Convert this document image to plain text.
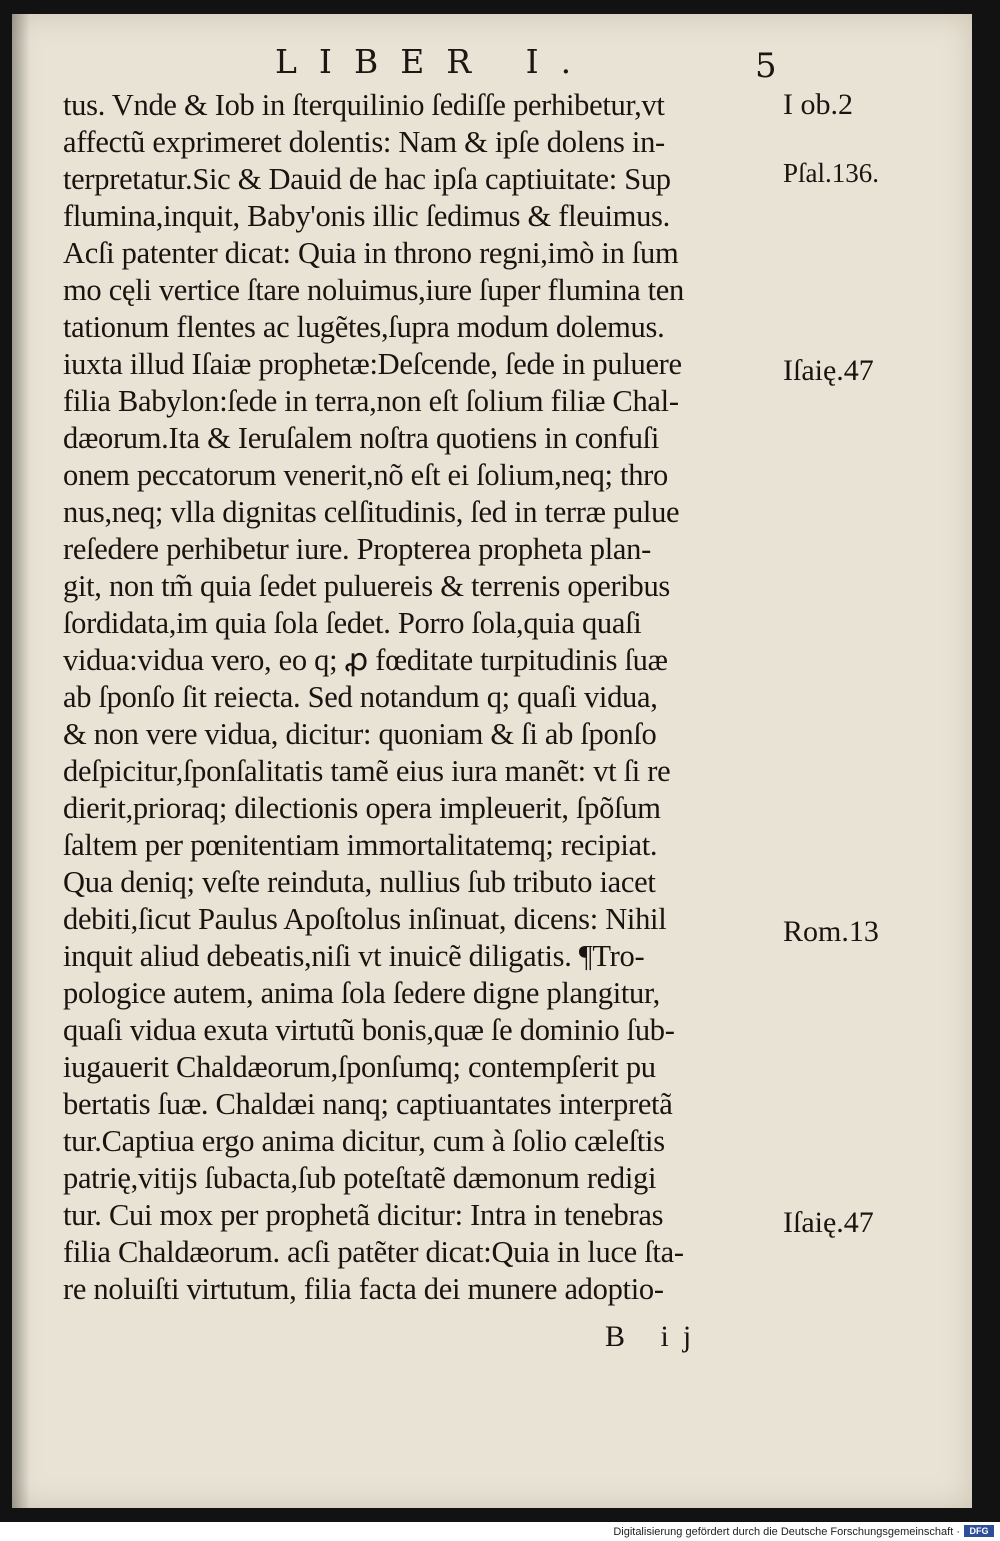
LIBER I.	5
tus. Vnde & Iob in ſterquilinio ſediſſe perhibetur,vt
affectũ exprimeret dolentis: Nam & ipſe dolens in-
terpretatur.Sic & Dauid de hac ipſa captiuitate: Sup
flumina,inquit, Baby'onis illic ſedimus & fleuimus.
Acſi patenter dicat: Quia in throno regni,imò in ſum
mo cęli vertice ſtare noluimus,iure ſuper flumina ten
tationum flentes ac lugẽtes,ſupra modum dolemus.
iuxta illud Iſaiæ prophetæ:Deſcende, ſede in puluere
filia Babylon:ſede in terra,non eſt ſolium filiæ Chal-
dæorum.Ita & Ieruſalem noſtra quotiens in confuſi
onem peccatorum venerit,nõ eſt ei ſolium,neq; thro
nus,neq; vlla dignitas celſitudinis, ſed in terræ pulue
reſedere perhibetur iure. Propterea propheta plan-
git, non tm̃ quia ſedet puluereis & terrenis operibus
ſordidata,im quia ſola ſedet. Porro ſola,quia quaſi
vidua:vidua vero, eo q; ꝓ fœditate turpitudinis ſuæ
ab ſponſo ſit reiecta. Sed notandum q; quaſi vidua,
& non vere vidua, dicitur: quoniam & ſi ab ſponſo
deſpicitur,ſponſalitatis tamẽ eius iura manẽt: vt ſi re
dierit,prioraq; dilectionis opera impleuerit, ſpõſum
ſaltem per pœnitentiam immortalitatemq; recipiat.
Qua deniq; veſte reinduta, nullius ſub tributo iacet
debiti,ſicut Paulus Apoſtolus inſinuat, dicens: Nihil
inquit aliud debeatis,niſi vt inuicẽ diligatis. ¶Tro-
pologice autem, anima ſola ſedere digne plangitur,
quaſi vidua exuta virtutũ bonis,quæ ſe dominio ſub-
iugauerit Chaldæorum,ſponſumq; contempſerit pu
bertatis ſuæ. Chaldæi nanq; captiuantates interpretã
tur.Captiua ergo anima dicitur, cum à ſolio cæleſtis
patrię,vitijs ſubacta,ſub poteſtatẽ dæmonum redigi
tur. Cui mox per prophetã dicitur: Intra in tenebras
filia Chaldæorum. acſi patẽter dicat:Quia in luce ſta-
re noluiſti virtutum, filia facta dei munere adoptio-
I ob.2
Pſal.136.
Iſaię.47
Rom.13
Iſaię.47
B ij
Digitalisierung gefördert durch die Deutsche Forschungsgemeinschaft ·	DFG
